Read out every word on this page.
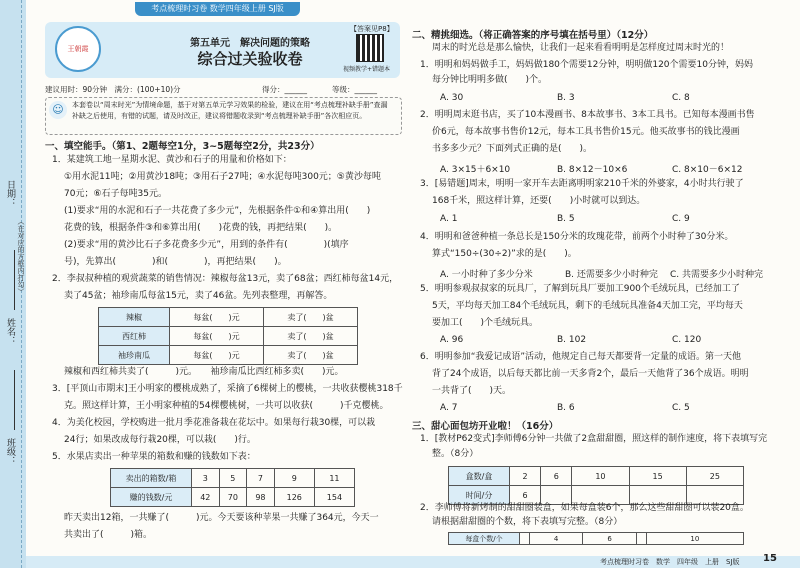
日期：
（在对应的方框内打勾）
姓名：
班级：
考点梳理时习卷 数学四年级上册 SJ版
王朝霞	第五单元　解决问题的策略
综合过关验收卷
【答案见P8】
视频教学+错题本
建议用时：90分钟　满分：(100+10)分	得分：______	等级：______
☺	本套卷以“周末时光”为情境命题，基于对第五单元学习效果的检验，建议在用“考点梳理补缺手册”查漏补缺之后使用，有错的试题，请及时改正，建议将错题收录到“考点梳理补缺手册”各次相应页。
一、填空能手。（第1、2题每空1分，3~5题每空2分，共23分）
1．某建筑工地一星期水泥、黄沙和石子的用量和价格如下：
①用水泥11吨；②用黄沙18吨；③用石子27吨；④水泥每吨300元；⑤黄沙每吨
70元；⑥石子每吨35元。
(1)要求“用的水泥和石子一共花费了多少元”，先根据条件①和④算出用(　　)
花费的钱，根据条件③和⑥算出用(　　)花费的钱，再把结果(　　)。
(2)要求“用的黄沙比石子多花费多少元”，用到的条件有(　　　　)(填序
号)，先算出(　　　　)和(　　　　)，再把结果(　　)。
2．李叔叔种植的观赏蔬菜的销售情况：辣椒每盆13元，卖了68盆；西红柿每盆14元，
卖了45盆；袖珍南瓜每盆15元，卖了46盆。先列表整理，再解答。
辣椒	每盆(　　)元	卖了(　　)盆
西红柿	每盆(　　)元	卖了(　　)盆
袖珍南瓜	每盆(　　)元	卖了(　　)盆
辣椒和西红柿共卖了(　　　)元。　　袖珍南瓜比西红柿多卖(　　)元。
3．[平顶山市期末]王小明家的樱桃成熟了，采摘了6棵树上的樱桃，一共收获樱桃318千
克。照这样计算，王小明家种植的54棵樱桃树，一共可以收获(　　　)千克樱桃。
4．为美化校园，学校购进一批月季花准备栽在花坛中。如果每行栽30棵，可以栽
24行；如果改成每行栽20棵，可以栽(　　)行。
5．水果店卖出一种苹果的箱数和赚的钱数如下表：
卖出的箱数/箱	3	5	7	9	11
赚的钱数/元	42	70	98	126	154
昨天卖出12箱，一共赚了(　　　)元。今天要该种苹果一共赚了364元，今天一
共卖出了(　　　)箱。
二、精挑细选。（将正确答案的序号填在括号里）（12分）
周末的时光总是那么愉快，让我们一起来看看明明是怎样度过周末时光的！
1．明明和妈妈做手工，妈妈做180个需要12分钟，明明做120个需要10分钟，妈妈
每分钟比明明多做(　　)个。
A. 30	B. 3	C. 8
2．明明周末逛书店，买了10本漫画书、8本故事书、3本工具书。已知每本漫画书售
价6元，每本故事书售价12元，每本工具书售价15元。他买故事书的钱比漫画
书多多少元？下面列式正确的是(　　)。
A. 3×15＋6×10	B. 8×12－10×6	C. 8×10－6×12
3．[易错题]周末，明明一家开车去距离明明家210千米的外婆家，4小时共行驶了
168千米，照这样计算，还要(　　)小时就可以到达。
A. 1	B. 5	C. 9
4．明明和爸爸种植一条总长是150分米的玫瑰花带，前两个小时种了30分米。
算式“150÷(30÷2)”求的是(　　)。
A. 一小时种了多少分米	B. 还需要多少小时种完 C. 共需要多少小时种完
5．明明参观叔叔家的玩具厂，了解到玩具厂要加工900个毛绒玩具，已经加工了
5天，平均每天加工84个毛绒玩具，剩下的毛绒玩具准备4天加工完，平均每天
要加工(　　)个毛绒玩具。
A. 96	B. 102	C. 120
6．明明参加“我爱记成语”活动，他规定自己每天都要背一定量的成语。第一天他
背了24个成语，以后每天都比前一天多背2个，最后一天他背了36个成语。明明
一共背了(　　)天。
A. 7	B. 6	C. 5
三、甜心面包坊开业啦！（16分）
1．[教材P62变式]李师傅6分钟一共做了2盒甜甜圈，照这样的制作速度，将下表填写完
整。（8分）
盒数/盒	2	6	10	15	25
时间/分	6				
2．李师傅将新烤制的甜甜圈装盒，如果每盒装6个，那么这些甜甜圈可以装20盒。
请根据甜甜圈的个数，将下表填写完整。（8分）
每盒个数/个		4	6		10
考点梳理时习卷　数学　四年级　上册　SJ版 15
